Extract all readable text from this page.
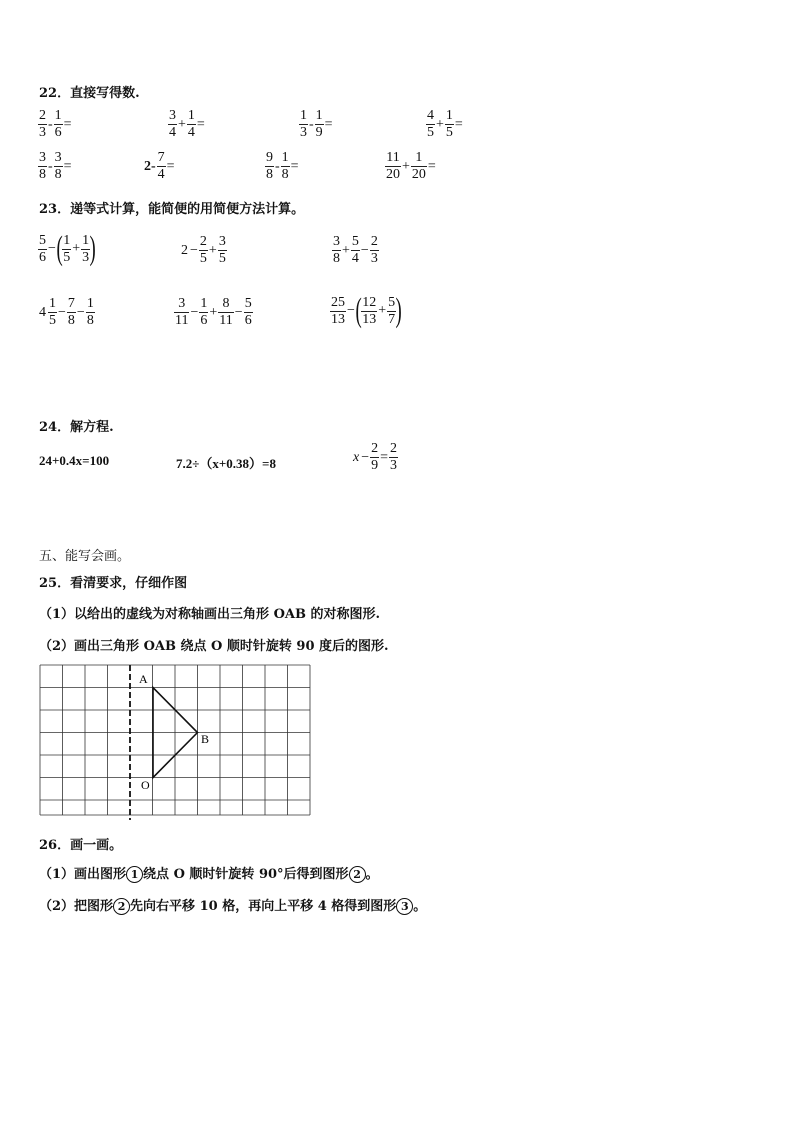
22．直接写得数.
$\frac{2}{3} - \frac{1}{6}$ =	$\frac{3}{4} + \frac{1}{4}$ =	$\frac{1}{3} - \frac{1}{9}$ =	$\frac{4}{5} + \frac{1}{5}$ =
$\frac{3}{8} - \frac{3}{8}$ =	$2- \frac{7}{4}$ =	$\frac{9}{8} - \frac{1}{8}$ =	$\frac{11}{20} + \frac{1}{20}$ =
23．递等式计算，能简便的用简便方法计算。
$\frac{5}{6}$ −( $\frac{1}{5} + \frac{1}{3}$ )	$2 - \frac{2}{5} + \frac{3}{5}$	$\frac{3}{8} + \frac{5}{4} - \frac{2}{3}$
$4 \frac{1}{5} - \frac{7}{8} - \frac{1}{8}$	$\frac{3}{11} - \frac{1}{6} + \frac{8}{11} - \frac{5}{6}$	$\frac{25}{13}$ −( $\frac{12}{13} + \frac{5}{7}$ )
24．解方程.
24+0.4x=100	7.2÷（x+0.38）=8	$x - \frac{2}{9} = \frac{2}{3}$
五、能写会画。
25．看清要求，仔细作图
（1）以给出的虚线为对称轴画出三角形 OAB 的对称图形.
（2）画出三角形 OAB 绕点 O 顺时针旋转 90 度后的图形.
A
B
O
26．画一画。
（1）画出图形 1 绕点 O 顺时针旋转 90°后得到图形 2 。
（2）把图形 2 先向右平移 10 格，再向上平移 4 格得到图形 3 。
